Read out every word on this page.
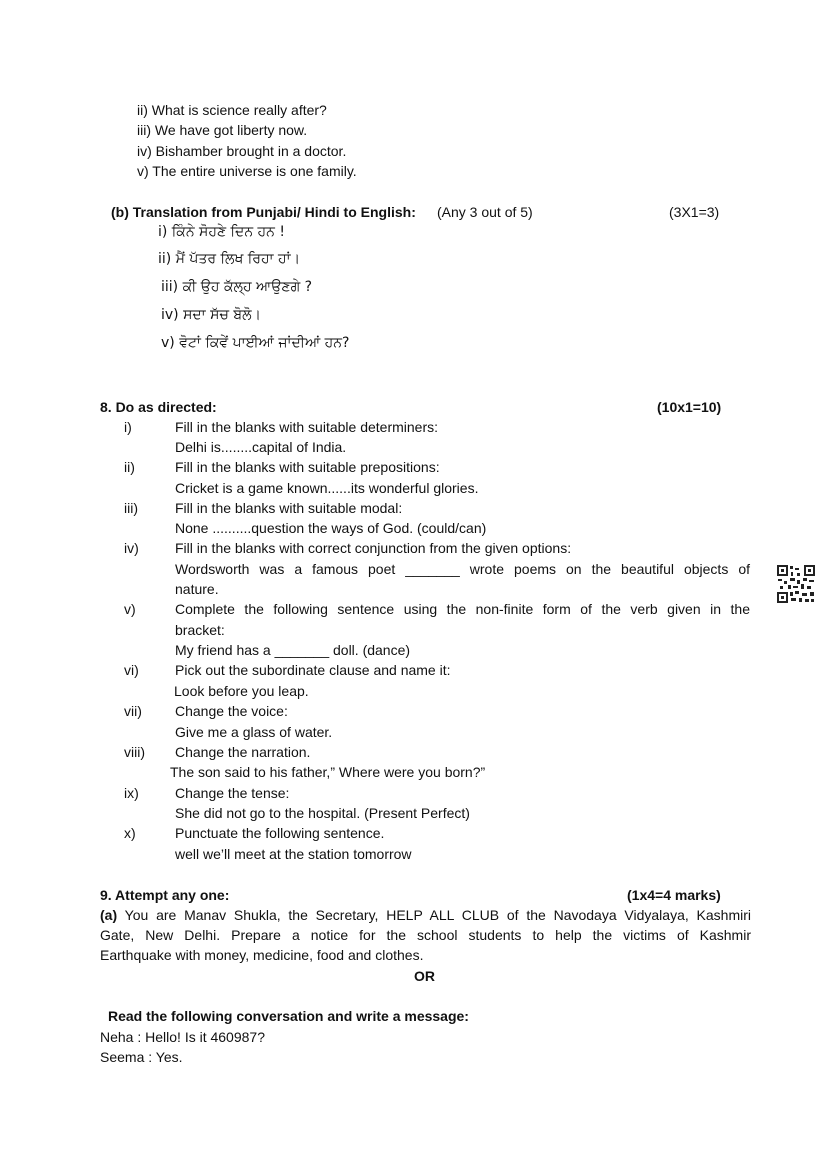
ii) What is science really after?
iii) We have got liberty now.
iv) Bishamber brought in a doctor.
v) The entire universe is one family.
(b) Translation from Punjabi/ Hindi to English: (Any 3 out of 5)	(3X1=3)
i) ਕਿੰਨੇ ਸੋਹਣੇ ਦਿਨ ਹਨ !
ii) ਮੈਂ ਪੱਤਰ ਲਿਖ ਰਿਹਾ ਹਾਂ।
iii) ਕੀ ਉਹ ਕੱਲ੍ਹ ਆਉਣਗੇ ?
iv) ਸਦਾ ਸੱਚ ਬੋਲੋ।
v) ਵੋਟਾਂ ਕਿਵੇਂ ਪਾਈਆਂ ਜਾਂਦੀਆਂ ਹਨ?
8. Do as directed:	(10x1=10)
i)	Fill in the blanks with suitable determiners:
Delhi is........capital of India.
ii)	Fill in the blanks with suitable prepositions:
Cricket is a game known......its wonderful glories.
iii)	Fill in the blanks with suitable modal:
None ..........question the ways of God. (could/can)
iv)	Fill in the blanks with correct conjunction from the given options:
Wordsworth was a famous poet _______ wrote poems on the beautiful objects of
nature.
v)	Complete the following sentence using the non-finite form of the verb given in the
bracket:
My friend has a _______ doll. (dance)
vi)	Pick out the subordinate clause and name it:
Look before you leap.
vii) Change the voice:
Give me a glass of water.
viii) Change the narration.
The son said to his father,” Where were you born?”
ix)	Change the tense:
She did not go to the hospital. (Present Perfect)
x)	Punctuate the following sentence.
well we’ll meet at the station tomorrow
9. Attempt any one:	(1x4=4 marks)
(a) You are Manav Shukla, the Secretary, HELP ALL CLUB of the Navodaya Vidyalaya, Kashmiri
Gate, New Delhi. Prepare a notice for the school students to help the victims of Kashmir
Earthquake with money, medicine, food and clothes.
OR
Read the following conversation and write a message:
Neha : Hello! Is it 460987?
Seema : Yes.
